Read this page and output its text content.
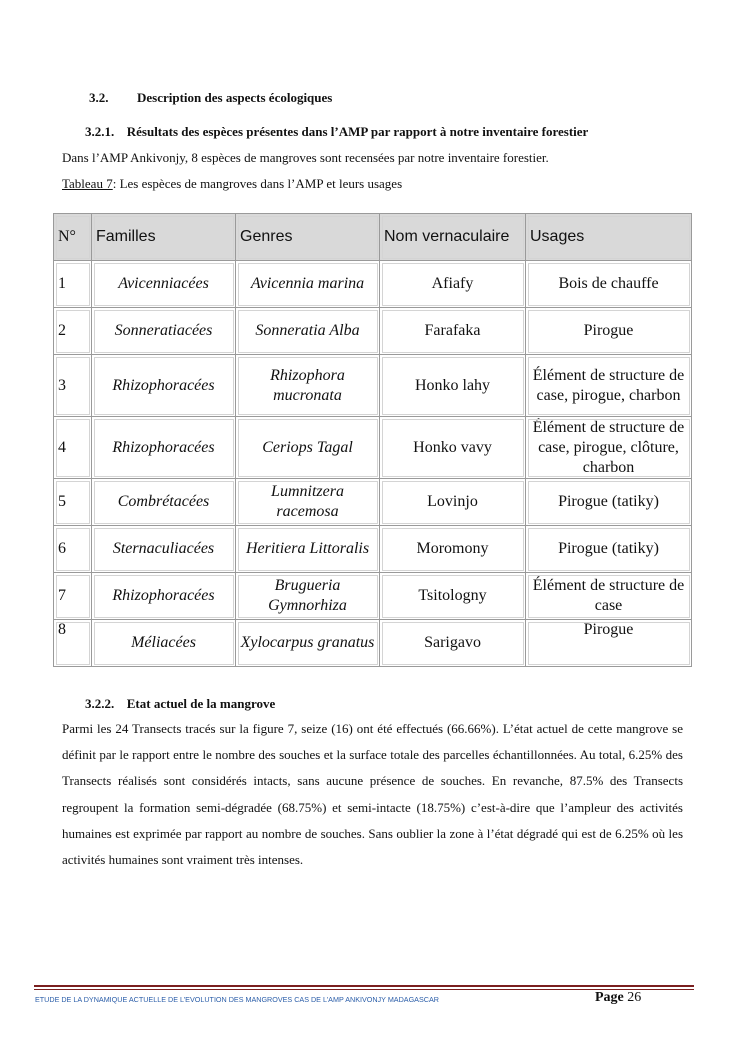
3.2. Description des aspects écologiques
3.2.1. Résultats des espèces présentes dans l’AMP par rapport à notre inventaire forestier
Dans l’AMP Ankivonjy, 8 espèces de mangroves sont recensées par notre inventaire forestier.
Tableau 7: Les espèces de mangroves dans l’AMP et leurs usages
N°	Familles	Genres	Nom vernaculaire	Usages
1	Avicenniacées	Avicennia marina	Afiafy	Bois de chauffe
2	Sonneratiacées	Sonneratia Alba	Farafaka	Pirogue
3	Rhizophoracées	Rhizophora mucronata	Honko lahy	Élément de structure de case, pirogue, charbon
4	Rhizophoracées	Ceriops Tagal	Honko vavy	Élément de structure de case, pirogue, clôture, charbon
5	Combrétacées	Lumnitzera racemosa	Lovinjo	Pirogue (tatiky)
6	Sternaculiacées	Heritiera Littoralis	Moromony	Pirogue (tatiky)
7	Rhizophoracées	Brugueria Gymnorhiza	Tsitologny	Élément de structure de case
8	Méliacées	Xylocarpus granatus	Sarigavo	Pirogue
3.2.2. Etat actuel de la mangrove
Parmi les 24 Transects tracés sur la figure 7, seize (16) ont été effectués (66.66%). L’état actuel de cette mangrove se définit par le rapport entre le nombre des souches et la surface totale des parcelles échantillonnées. Au total, 6.25% des Transects réalisés sont considérés intacts, sans aucune présence de souches. En revanche, 87.5% des Transects regroupent la formation semi-dégradée (68.75%) et semi-intacte (18.75%) c’est-à-dire que l’ampleur des activités humaines est exprimée par rapport au nombre de souches. Sans oublier la zone à l’état dégradé qui est de 6.25% où les activités humaines sont vraiment très intenses.
ETUDE DE LA DYNAMIQUE ACTUELLE DE L’EVOLUTION DES MANGROVES CAS DE L’AMP ANKIVONJY MADAGASCAR	Page 26
